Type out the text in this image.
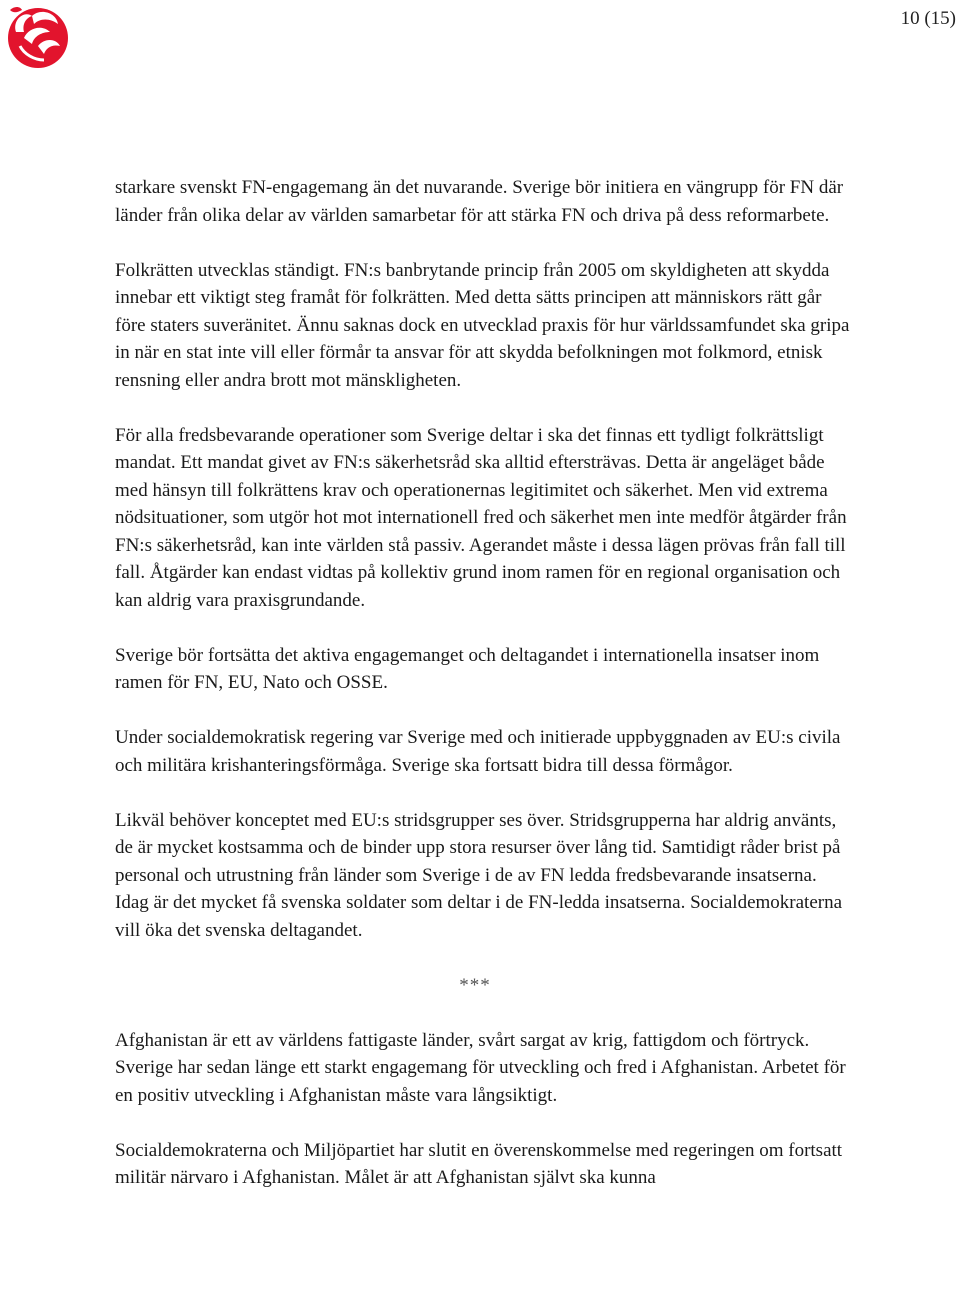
10 (15)

starkare svenskt FN-engagemang än det nuvarande. Sverige bör initiera en vängrupp för FN där länder från olika delar av världen samarbetar för att stärka FN och driva på dess reformarbete.

Folkrätten utvecklas ständigt. FN:s banbrytande princip från 2005 om skyldigheten att skydda innebar ett viktigt steg framåt för folkrätten. Med detta sätts principen att människors rätt går före staters suveränitet. Ännu saknas dock en utvecklad praxis för hur världssamfundet ska gripa in när en stat inte vill eller förmår ta ansvar för att skydda befolkningen mot folkmord, etnisk rensning eller andra brott mot mänskligheten.

För alla fredsbevarande operationer som Sverige deltar i ska det finnas ett tydligt folkrättsligt mandat. Ett mandat givet av FN:s säkerhetsråd ska alltid eftersträvas. Detta är angeläget både med hänsyn till folkrättens krav och operationernas legitimitet och säkerhet. Men vid extrema nödsituationer, som utgör hot mot internationell fred och säkerhet men inte medför åtgärder från FN:s säkerhetsråd, kan inte världen stå passiv. Agerandet måste i dessa lägen prövas från fall till fall. Åtgärder kan endast vidtas på kollektiv grund inom ramen för en regional organisation och kan aldrig vara praxisgrundande.

Sverige bör fortsätta det aktiva engagemanget och deltagandet i internationella insatser inom ramen för FN, EU, Nato och OSSE.

Under socialdemokratisk regering var Sverige med och initierade uppbyggnaden av EU:s civila och militära krishanteringsförmåga. Sverige ska fortsatt bidra till dessa förmågor.

Likväl behöver konceptet med EU:s stridsgrupper ses över. Stridsgrupperna har aldrig använts, de är mycket kostsamma och de binder upp stora resurser över lång tid. Samtidigt råder brist på personal och utrustning från länder som Sverige i de av FN ledda fredsbevarande insatserna. Idag är det mycket få svenska soldater som deltar i de FN-ledda insatserna. Socialdemokraterna vill öka det svenska deltagandet.

***

Afghanistan är ett av världens fattigaste länder, svårt sargat av krig, fattigdom och förtryck. Sverige har sedan länge ett starkt engagemang för utveckling och fred i Afghanistan. Arbetet för en positiv utveckling i Afghanistan måste vara långsiktigt.

Socialdemokraterna och Miljöpartiet har slutit en överenskommelse med regeringen om fortsatt militär närvaro i Afghanistan. Målet är att Afghanistan självt ska kunna
